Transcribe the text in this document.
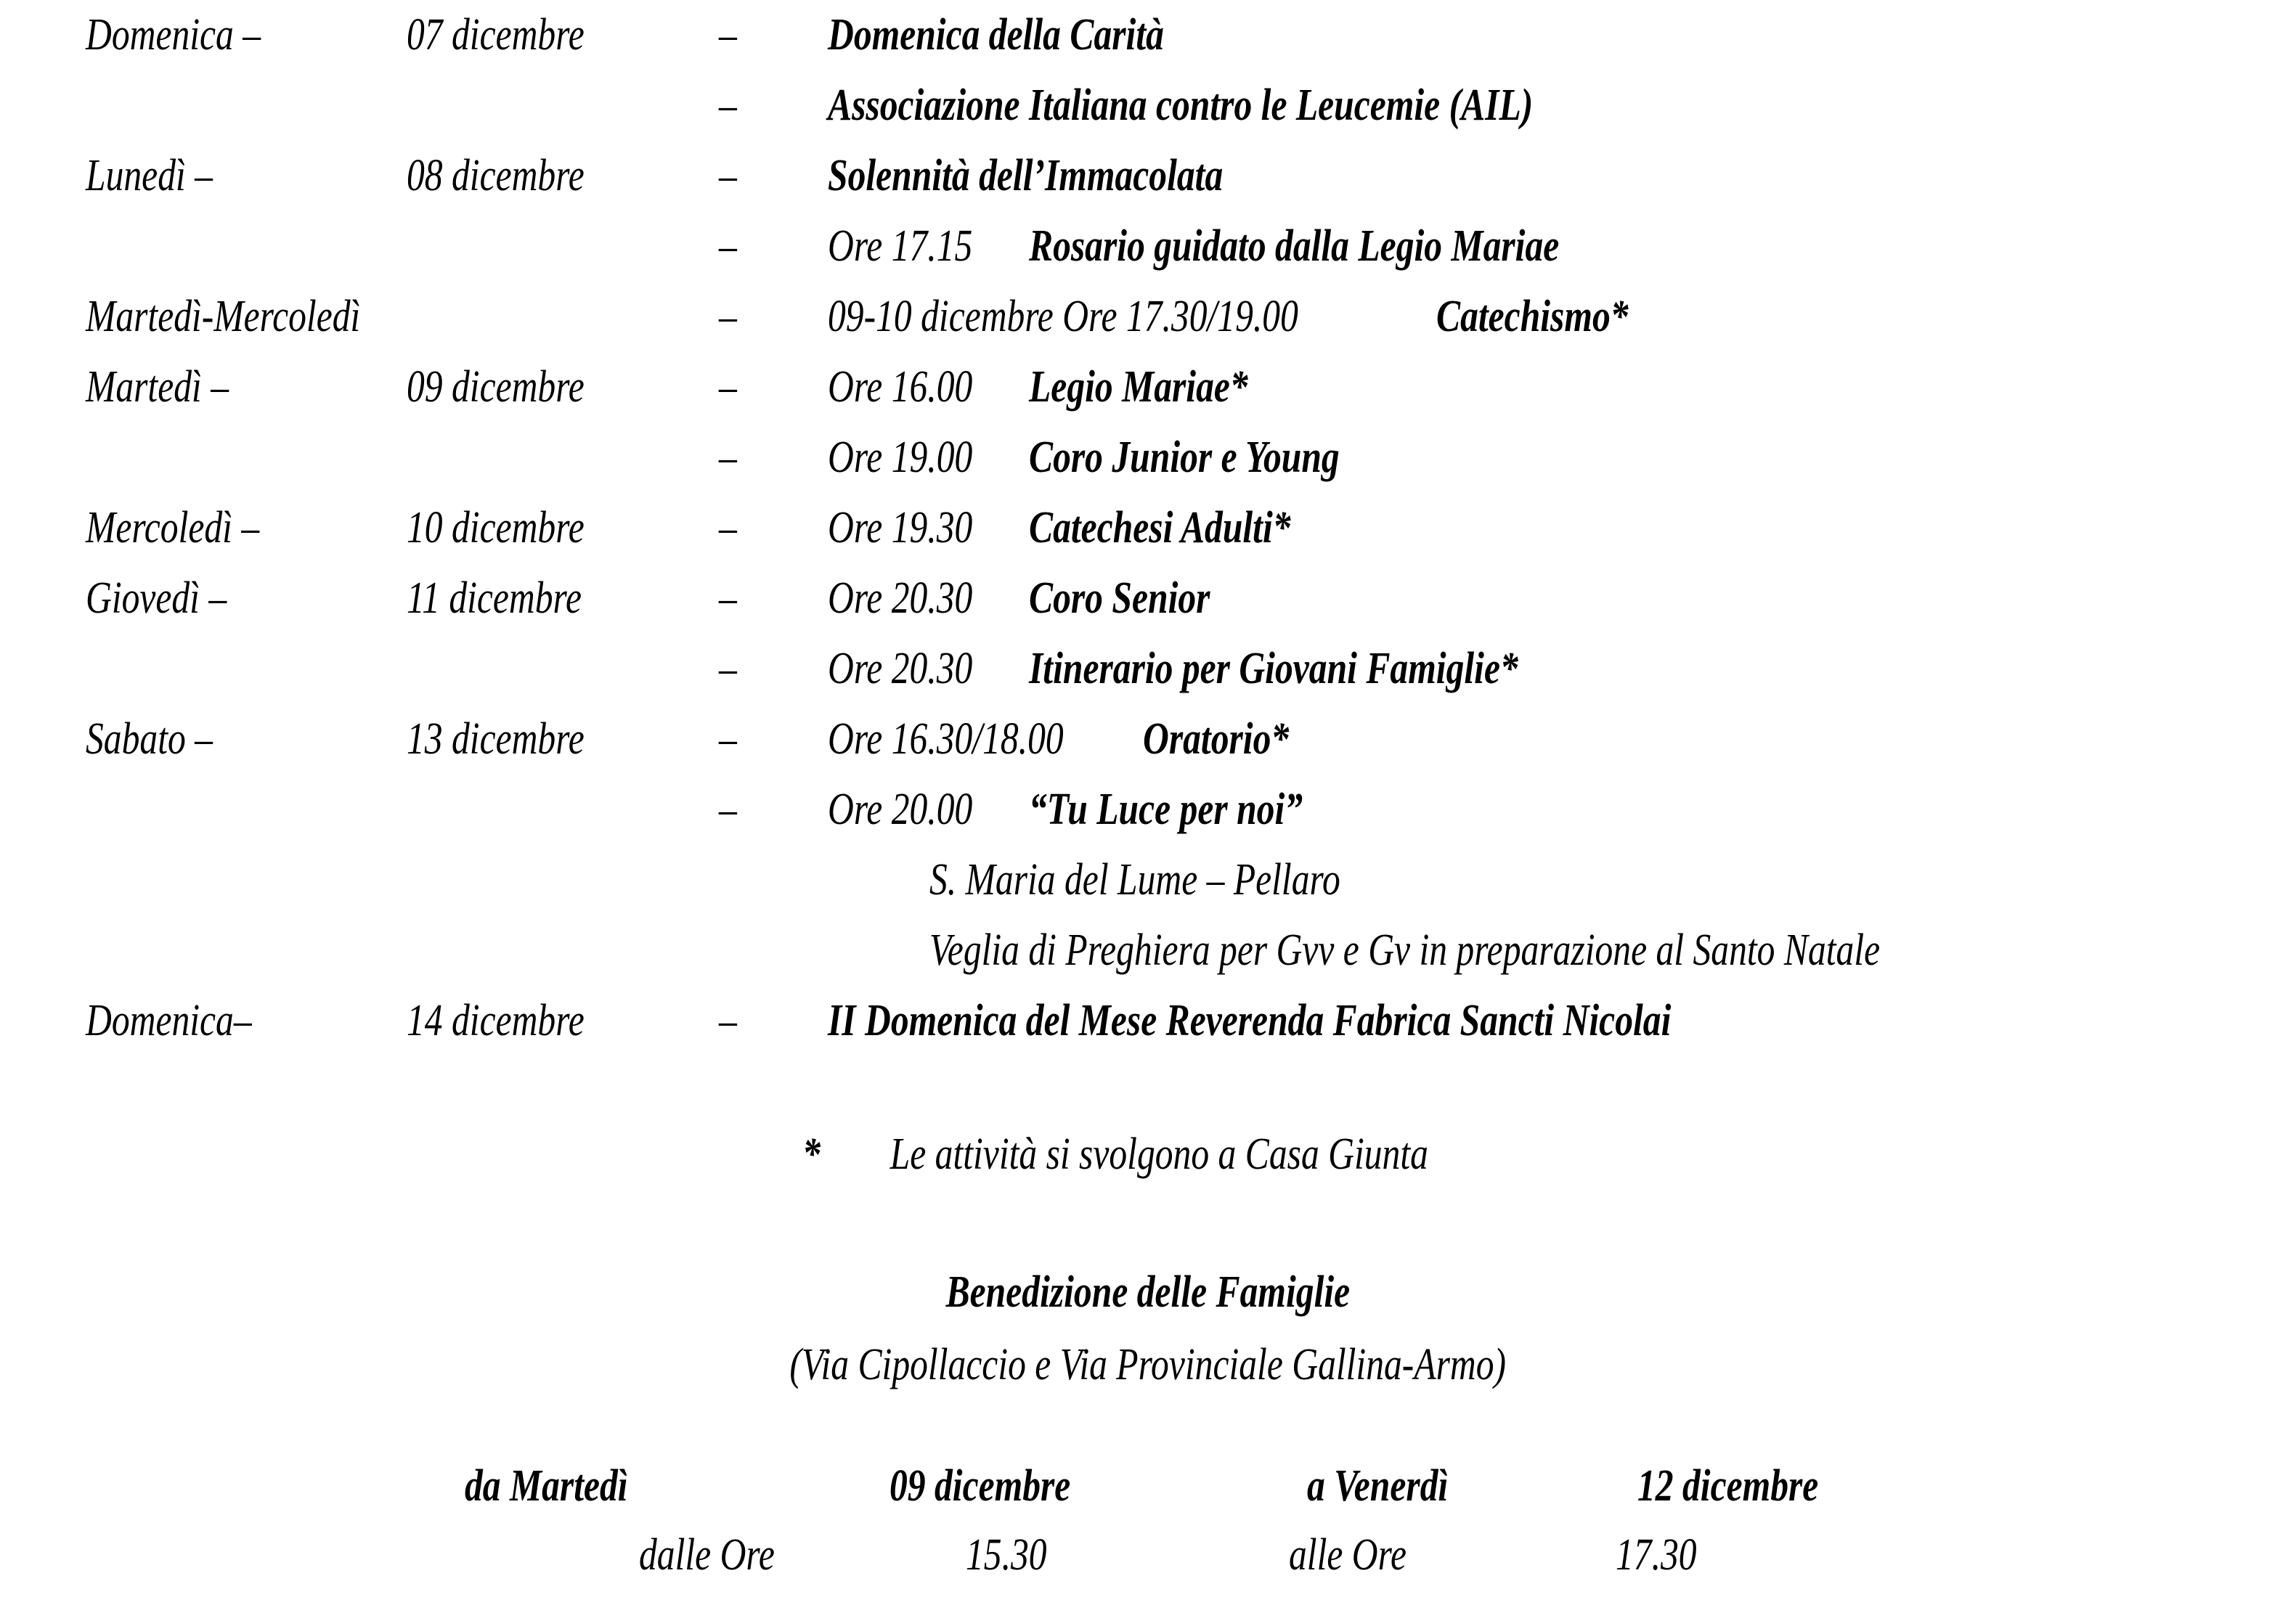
Domenica –	07 dicembre	– Domenica della Carità
– Associazione Italiana contro le Leucemie (AIL)
Lunedì –	08 dicembre	– Solennità dell’Immacolata
– Ore 17.15 Rosario guidato dalla Legio Mariae
Martedì-Mercoledì	– 09-10 dicembre Ore 17.30/19.00	Catechismo*
Martedì –	09 dicembre	– Ore 16.00 Legio Mariae*
– Ore 19.00 Coro Junior e Young
Mercoledì –	10 dicembre	– Ore 19.30 Catechesi Adulti*
Giovedì –	11 dicembre	– Ore 20.30 Coro Senior
– Ore 20.30 Itinerario per Giovani Famiglie*
Sabato –	13 dicembre	– Ore 16.30/18.00 Oratorio*
– Ore 20.00 “Tu Luce per noi”
S. Maria del Lume – Pellaro
Veglia di Preghiera per Gvv e Gv in preparazione al Santo Natale
Domenica–	14 dicembre	– II Domenica del Mese Reverenda Fabrica Sancti Nicolai
* Le attività si svolgono a Casa Giunta
Benedizione delle Famiglie
(Via Cipollaccio e Via Provinciale Gallina-Armo)
da Martedì	09 dicembre	a Venerdì	12 dicembre
dalle Ore	15.30	alle Ore	17.30
